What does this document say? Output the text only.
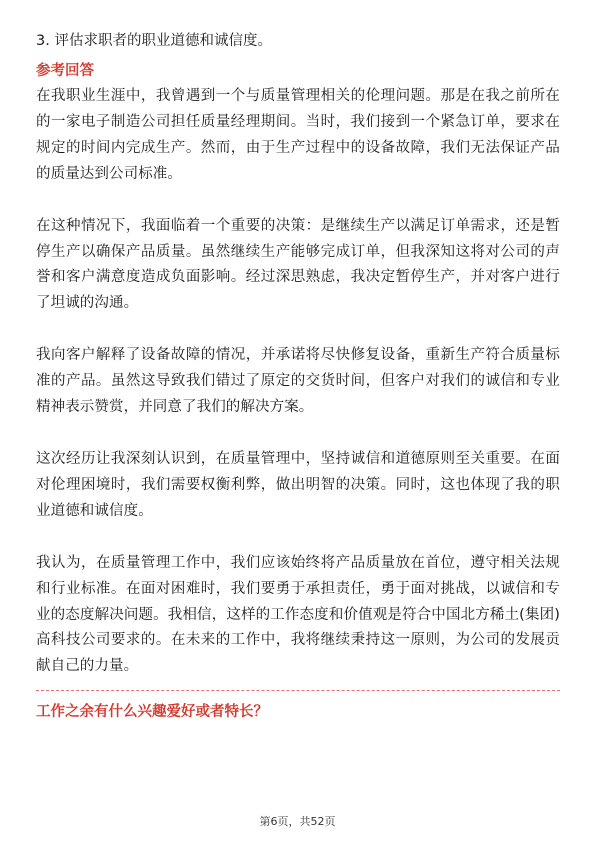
3. 评估求职者的职业道德和诚信度。

参考回答

在我职业生涯中，我曾遇到一个与质量管理相关的伦理问题。那是在我之前所在的一家电子制造公司担任质量经理期间。当时，我们接到一个紧急订单，要求在规定的时间内完成生产。然而，由于生产过程中的设备故障，我们无法保证产品的质量达到公司标准。

在这种情况下，我面临着一个重要的决策：是继续生产以满足订单需求，还是暂停生产以确保产品质量。虽然继续生产能够完成订单，但我深知这将对公司的声誉和客户满意度造成负面影响。经过深思熟虑，我决定暂停生产，并对客户进行了坦诚的沟通。

我向客户解释了设备故障的情况，并承诺将尽快修复设备，重新生产符合质量标准的产品。虽然这导致我们错过了原定的交货时间，但客户对我们的诚信和专业精神表示赞赏，并同意了我们的解决方案。

这次经历让我深刻认识到，在质量管理中，坚持诚信和道德原则至关重要。在面对伦理困境时，我们需要权衡利弊，做出明智的决策。同时，这也体现了我的职业道德和诚信度。

我认为，在质量管理工作中，我们应该始终将产品质量放在首位，遵守相关法规和行业标准。在面对困难时，我们要勇于承担责任，勇于面对挑战，以诚信和专业的态度解决问题。我相信，这样的工作态度和价值观是符合中国北方稀土(集团)高科技公司要求的。在未来的工作中，我将继续秉持这一原则，为公司的发展贡献自己的力量。

工作之余有什么兴趣爱好或者特长？

第6页，共52页
